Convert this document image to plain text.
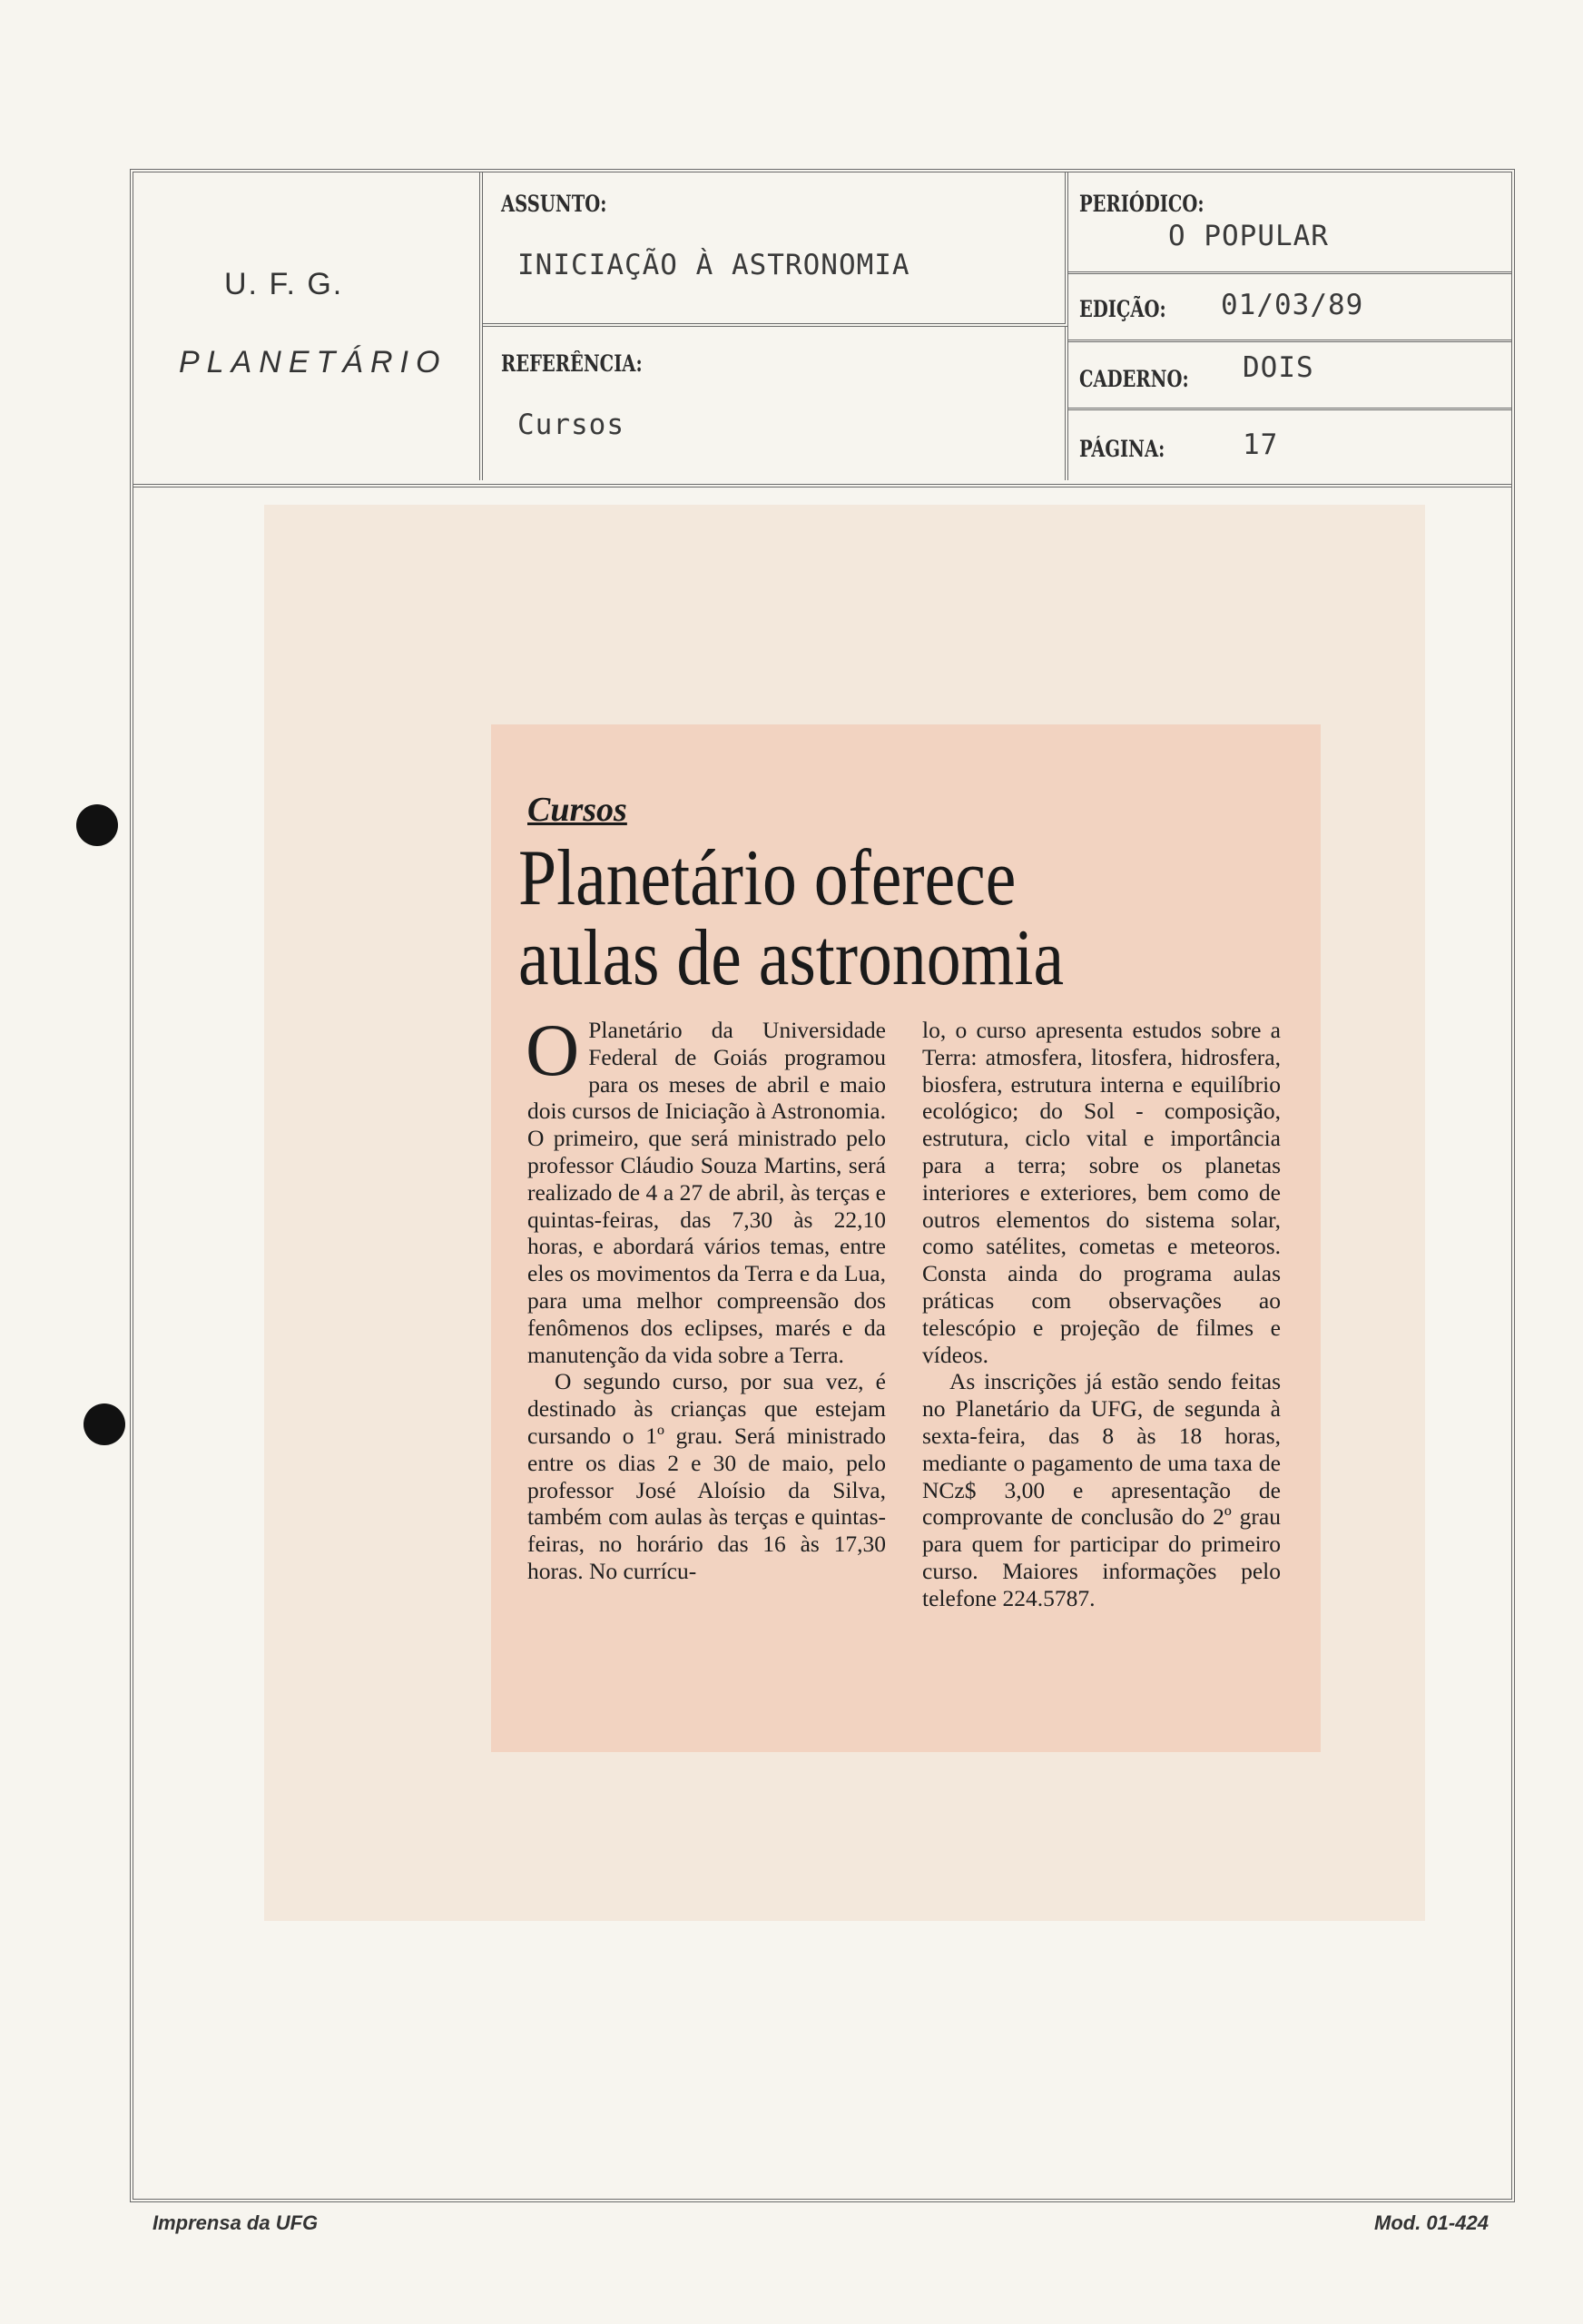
U. F. G.
PLANETÁRIO
ASSUNTO:
INICIAÇÃO À ASTRONOMIA
REFERÊNCIA:
Cursos
PERIÓDICO:
O POPULAR
EDIÇÃO: 01/03/89
CADERNO: DOIS
PÁGINA:	17
Cursos
Planetário oferece aulas de astronomia

O Planetário da Universidade Federal de Goiás programou para os meses de abril e maio dois cursos de Iniciação à Astronomia. O primeiro, que será ministrado pelo professor Cláudio Souza Martins, será realizado de 4 a 27 de abril, às terças e quintas-feiras, das 7,30 às 22,10 horas, e abordará vários temas, entre eles os movimentos da Terra e da Lua, para uma melhor compreensão dos fenômenos dos eclipses, marés e da manutenção da vida sobre a Terra.

O segundo curso, por sua vez, é destinado às crianças que estejam cursando o 1º grau. Será ministrado entre os dias 2 e 30 de maio, pelo professor José Aloísio da Silva, também com aulas às terças e quintas-feiras, no horário das 16 às 17,30 horas. No currícu-

lo, o curso apresenta estudos sobre a Terra: atmosfera, litosfera, hidrosfera, biosfera, estrutura interna e equilíbrio ecológico; do Sol - composição, estrutura, ciclo vital e importância para a terra; sobre os planetas interiores e exteriores, bem como de outros elementos do sistema solar, como satélites, cometas e meteoros. Consta ainda do programa aulas práticas com observações ao telescópio e projeção de filmes e vídeos.

As inscrições já estão sendo feitas no Planetário da UFG, de segunda à sexta-feira, das 8 às 18 horas, mediante o pagamento de uma taxa de NCz$ 3,00 e apresentação de comprovante de conclusão do 2º grau para quem for participar do primeiro curso. Maiores informações pelo telefone 224.5787.

Imprensa da UFG	Mod. 01-424
